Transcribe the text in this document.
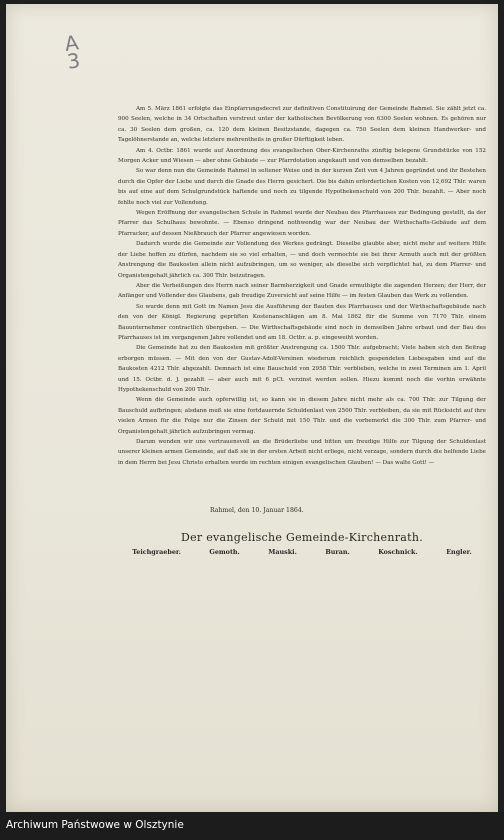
A
3

Am 5. März 1861 erfolgte das Einpfarrungsdecret zur definitiven Constituirung der Gemeinde Rahmel. Sie zählt jetzt ca. 900 Seelen, welche in 34 Ortschaften verstreut unter der katholischen Bevölkerung von 6300 Seelen wohnen. Es gehören nur ca. 30 Seelen dem großen, ca. 120 dem kleinen Besitzstande, dagegen ca. 750 Seelen dem kleinen Handwerker- und Tagelöhnerstande an, welche letztere mehrentheils in großer Dürftigkeit leben.

Am 4. Octbr. 1861 wurde auf Anordnung des evangelischen Ober-Kirchenraths zünftig belegene Grundstücke von 152 Morgen Acker und Wiesen — aber ohne Gebäude — zur Pfarrdotation angekauft und von demselben bezahlt.

So war denn nun die Gemeinde Rahmel in seltener Weise und in der kurzen Zeit von 4 Jahren gegründet und ihr Bestehen durch die Opfer der Liebe und durch die Gnade des Herrn gesichert. Die bis dahin erforderlichen Kosten von 12,692 Thlr. waren bis auf eine auf dem Schulgrundstück haftende und noch zu tilgende Hypothekenschuld von 200 Thlr. bezahlt. — Aber noch fehlte noch viel zur Vollendung.

Wegen Eröffnung der evangelischen Schule in Rahmel wurde der Neubau des Pfarrhauses zur Bedingung gestellt, da der Pfarrer das Schulhaus bewohnte. — Ebenso dringend nothwendig war der Neubau der Wirthschafts-Gebäude auf dem Pfarracker, auf dessen Nießbrauch der Pfarrer angewiesen worden.

Dadurch wurde die Gemeinde zur Vollendung des Werkes gedrängt. Dieselbe glaubte aber, nicht mehr auf weitere Hilfe der Liebe hoffen zu dürfen, nachdem sie so viel erhalten, — und doch vermochte sie bei ihrer Armuth auch mit der größten Anstrengung die Baukosten allein nicht aufzubringen, um so weniger, als dieselbe sich verpflichtet hat, zu dem Pfarrer- und Organistengehalt jährlich ca. 300 Thlr. beizutragen.

Aber die Verheißungen des Herrn nach seiner Barmherzigkeit und Gnade ermuthigte die zagenden Herzen; der Herr, der Anfänger und Vollender des Glaubens, gab freudige Zuversicht auf seine Hilfe — im festen Glauben das Werk zu vollenden.

So wurde denn mit Gott im Namen Jesu die Ausführung der Bauten des Pfarrhauses und der Wirthschaftsgebäude nach den von der Königl. Regierung geprüften Kostenanschlägen am 8. Mai 1862 für die Summe von 7170 Thlr. einem Bauunternehmer contractlich übergeben. — Die Wirthschaftsgebäude sind noch in demselben Jahre erbaut und der Bau des Pfarrhauses ist im vergangenen Jahre vollendet und am 18. Octbr. a. p. eingeweiht worden.

Die Gemeinde hat zu den Baukosten mit größter Anstrengung ca. 1500 Thlr. aufgebracht; Viele haben sich den Beitrag erborgen müssen. — Mit den von der Gustav-Adolf-Vereinen wiederum reichlich gespendeten Liebesgaben sind auf die Baukosten 4212 Thlr. abgezahlt. Demnach ist eine Bauschuld von 2958 Thlr. verblieben, welche in zwei Terminen am 1. April und 15. Octbr. d. J. gezahlt — aber auch mit 6 pCt. verzinst werden sollen. Hiezu kommt noch die vorhin erwähnte Hypothekenschuld von 200 Thlr.

Wenn die Gemeinde auch opferwillig ist, so kann sie in diesem Jahre nicht mehr als ca. 700 Thlr. zur Tilgung der Bauschuld aufbringen; alsdann muß sie eine fortdauernde Schuldenlast von 2500 Thlr. verbleiben, da sie mit Rücksicht auf ihre vielen Armen für die Folge nur die Zinsen der Schuld mit 150 Thlr. und die vorbemerkt die 300 Thlr. zum Pfarrer- und Organistengehalt jährlich aufzubringen vermag.

Darum wenden wir uns vertrauensvoll an die Brüderliebe und bitten um freudige Hilfe zur Tilgung der Schuldenlast unserer kleinen armen Gemeinde, auf daß sie in der ersten Arbeit nicht erliege, nicht verzage, sondern durch die helfende Liebe in dem Herrn bei Jesu Christo erhalten werde im rechten einigen evangelischen Glauben! — Das walte Gott! —

Rahmel, den 10. Januar 1864.
Der evangelische Gemeinde-Kirchenrath.
Teichgraeber.	Gemoth.	Mauski.	Buran.	Koschnick.	Engler.
Archiwum Państwowe w Olsztynie
